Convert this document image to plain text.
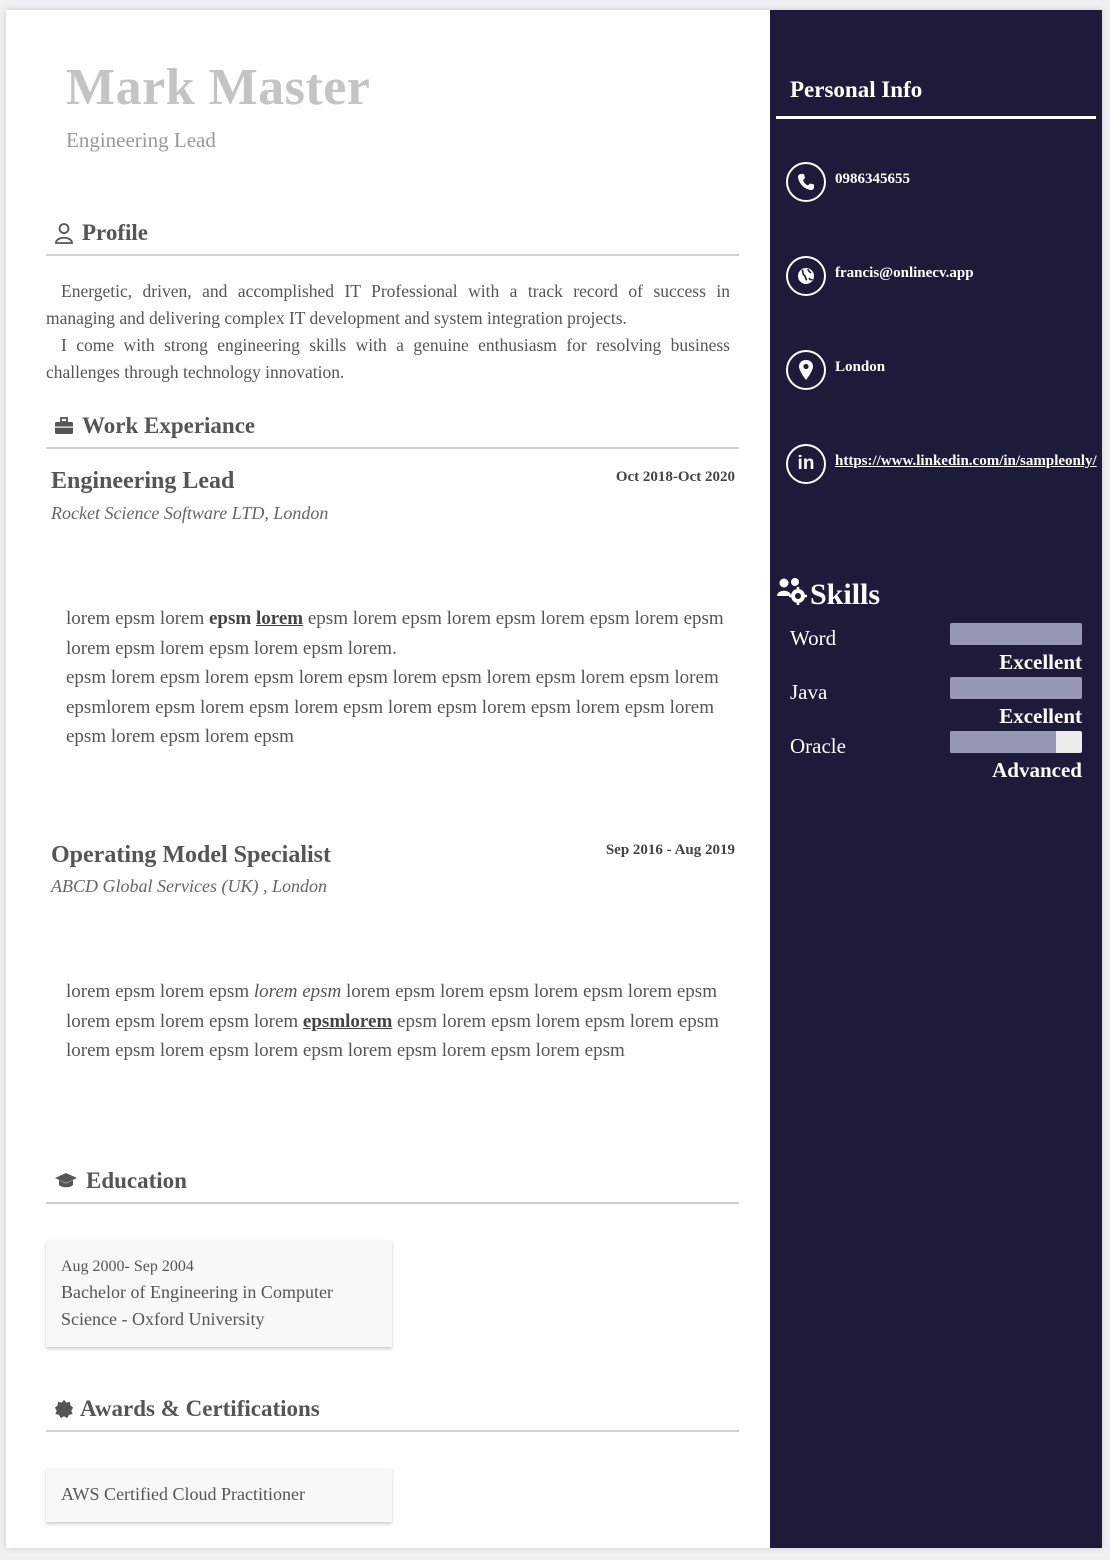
Mark Master
Engineering Lead
Profile

Energetic, driven, and accomplished IT Professional with a track record of success in managing and delivering complex IT development and system integration projects.

I come with strong engineering skills with a genuine enthusiasm for resolving business challenges through technology innovation.

Work Experiance
Engineering Lead	Oct 2018-Oct 2020
Rocket Science Software LTD, London

lorem epsm lorem epsm lorem epsm lorem epsm lorem epsm lorem epsm lorem epsm lorem epsm lorem epsm lorem epsm lorem.

epsm lorem epsm lorem epsm lorem epsm lorem epsm lorem epsm lorem epsm lorem epsmlorem epsm lorem epsm lorem epsm lorem epsm lorem epsm lorem epsm lorem epsm lorem epsm lorem epsm

Operating Model Specialist	Sep 2016 - Aug 2019
ABCD Global Services (UK) , London

lorem epsm lorem epsm lorem epsm lorem epsm lorem epsm lorem epsm lorem epsm lorem epsm lorem epsm lorem epsmlorem epsm lorem epsm lorem epsm lorem epsm lorem epsm lorem epsm lorem epsm lorem epsm lorem epsm lorem epsm

Education
Aug 2000- Sep 2004
Bachelor of Engineering in Computer Science - Oxford University
Awards & Certifications
AWS Certified Cloud Practitioner
Personal Info
0986345655
francis@onlinecv.app
London
in https://www.linkedin.com/in/sampleonly/
Skills
Word
Excellent
Java
Excellent
Oracle
Advanced
